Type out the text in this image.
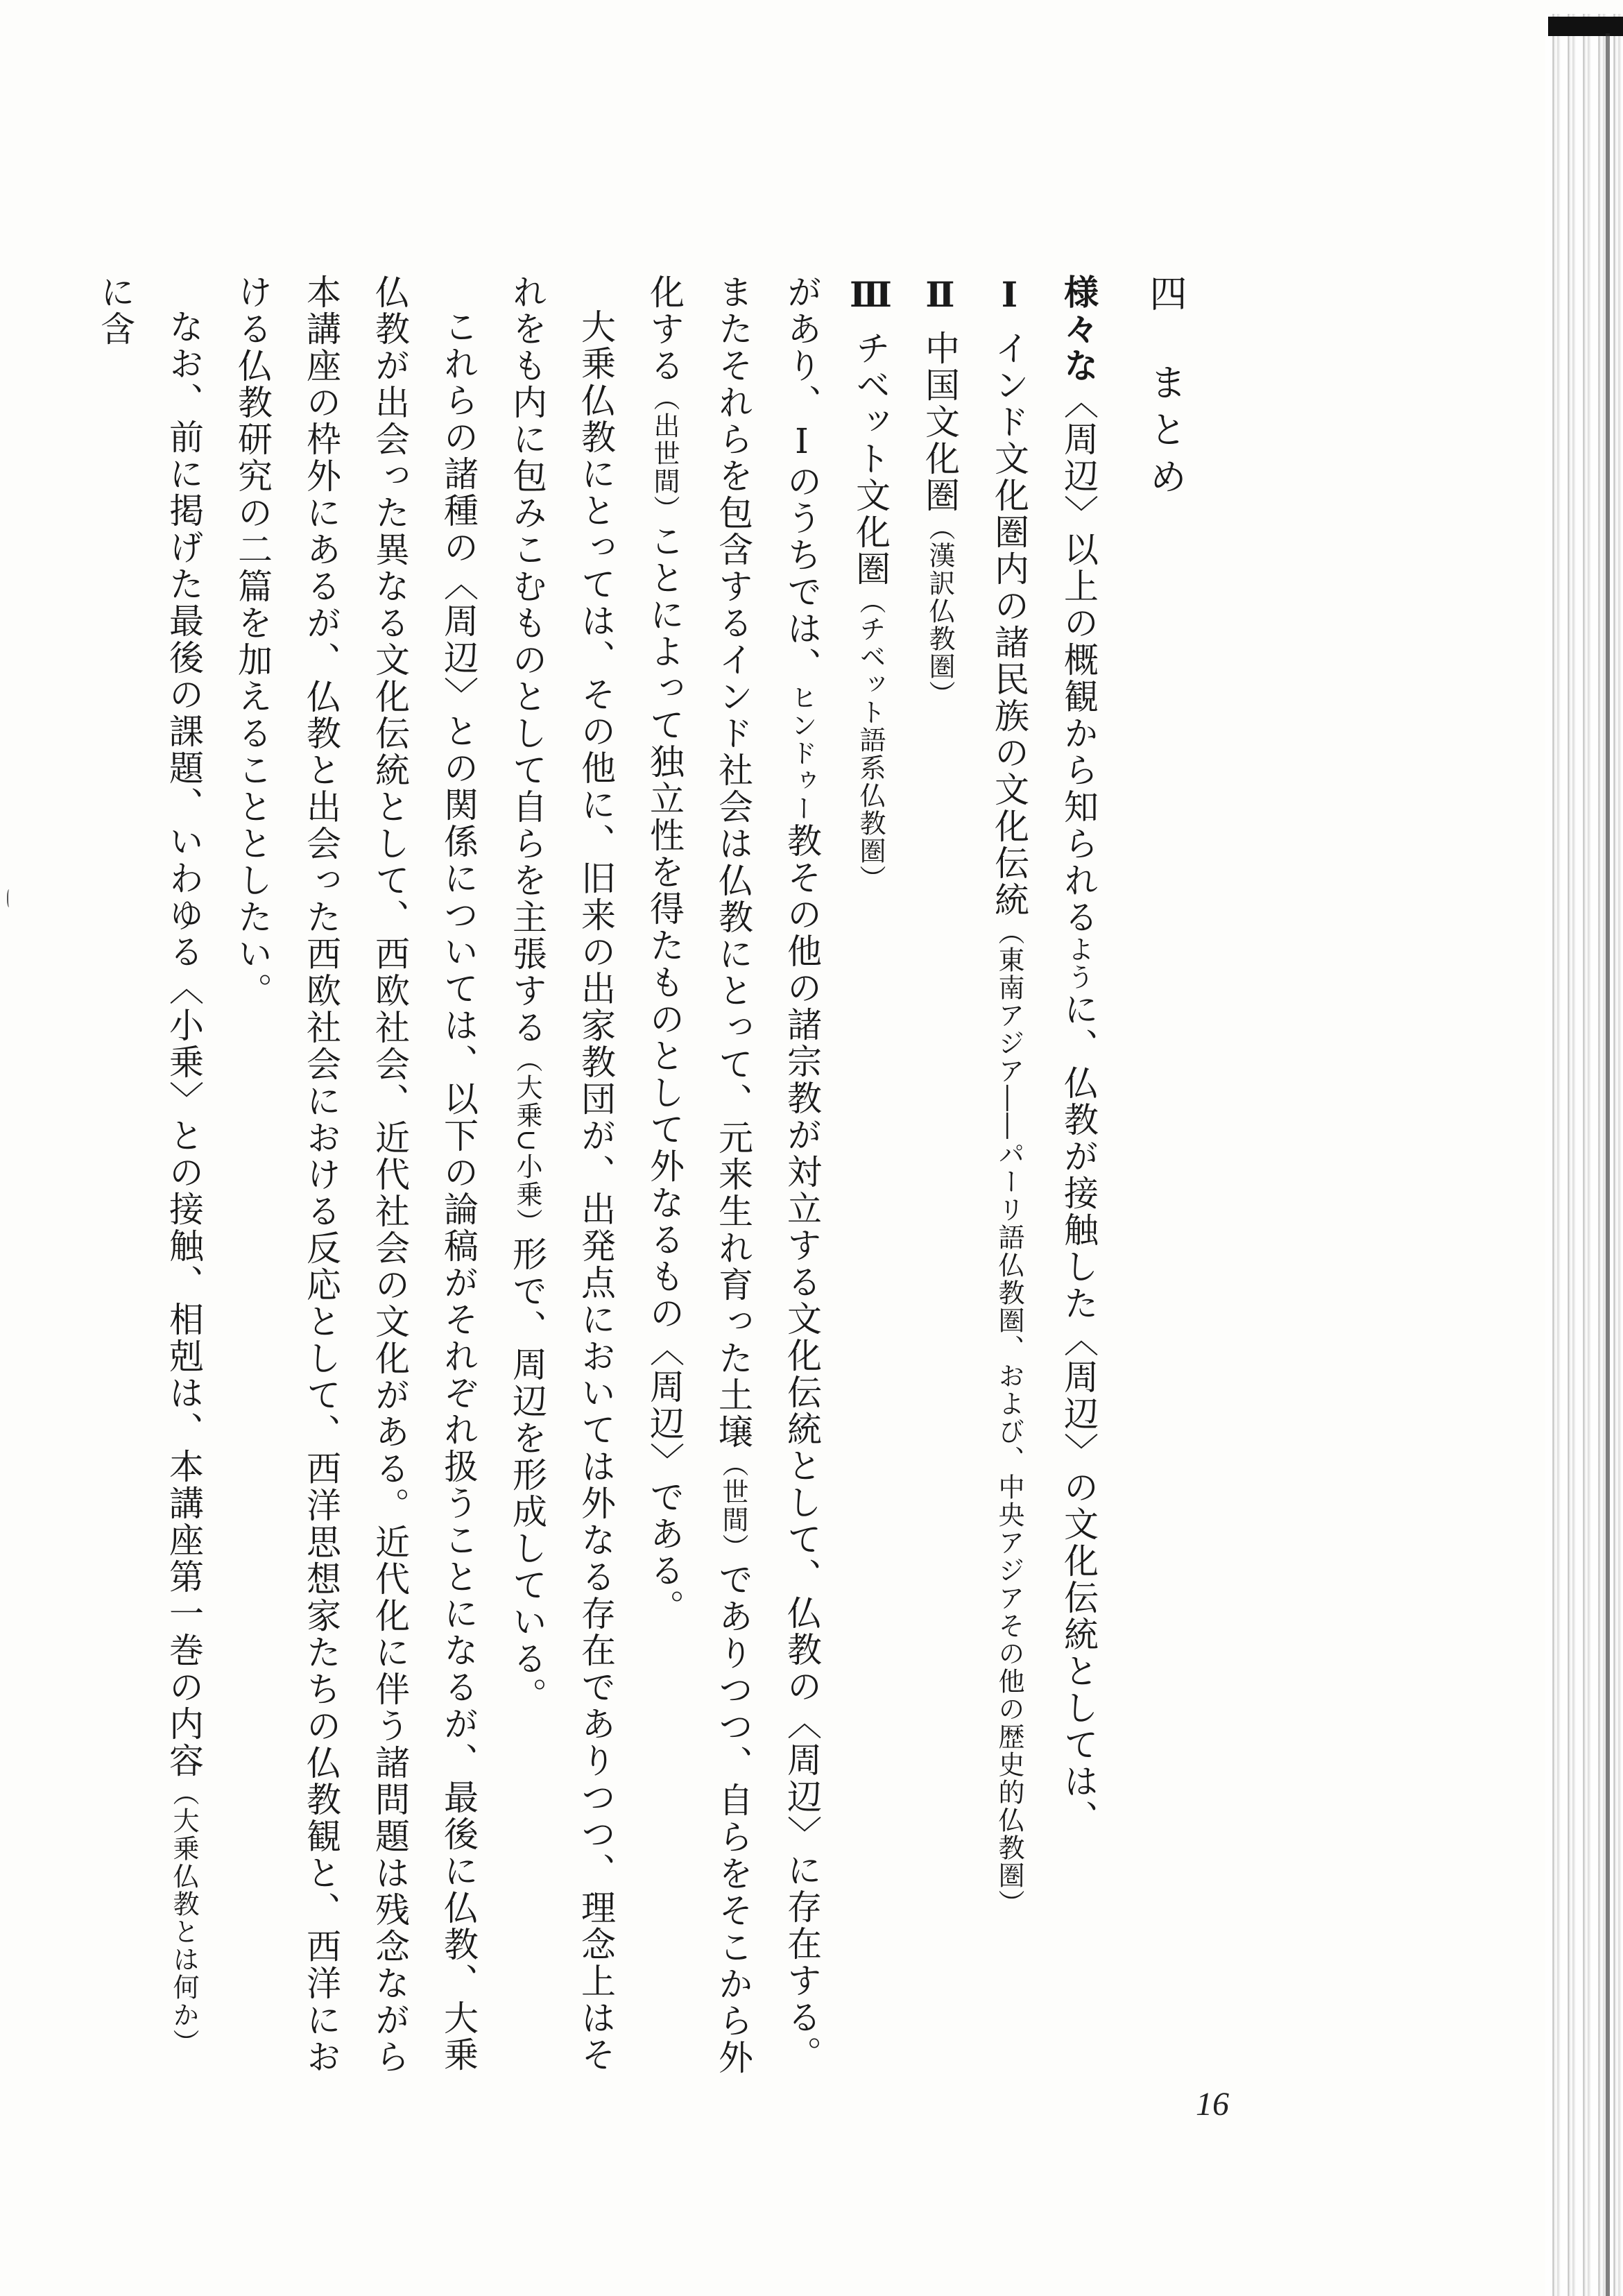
四まとめ

様々な〈周辺〉以上の概観から知られるように、仏教が接触した〈周辺〉の文化伝統としては、

Ⅰ インド文化圏内の諸民族の文化伝統（東南アジア――パーリ語仏教圏、および、中央アジアその他の歴史的仏教圏）
Ⅱ 中国文化圏（漢訳仏教圏）
Ⅲ チベット文化圏（チベット語系仏教圏）

があり、Ⅰのうちでは、ヒンドゥー教その他の諸宗教が対立する文化伝統として、仏教の〈周辺〉に存在する。またそれらを包含するインド社会は仏教にとって、元来生れ育った土壌（世間）でありつつ、自らをそこから外化する（出世間）ことによって独立性を得たものとして外なるもの〈周辺〉である。

大乗仏教にとっては、その他に、旧来の出家教団が、出発点においては外なる存在でありつつ、理念上はそれをも内に包みこむものとして自らを主張する（大乗∪小乗）形で、周辺を形成している。

これらの諸種の〈周辺〉との関係については、以下の論稿がそれぞれ扱うことになるが、最後に仏教、大乗仏教が出会った異なる文化伝統として、西欧社会、近代社会の文化がある。近代化に伴う諸問題は残念ながら本講座の枠外にあるが、仏教と出会った西欧社会における反応として、西洋思想家たちの仏教観と、西洋における仏教研究の二篇を加えることとしたい。

なお、前に掲げた最後の課題、いわゆる〈小乗〉との接触、相剋は、本講座第一巻の内容（大乗仏教とは何か）に含

16
